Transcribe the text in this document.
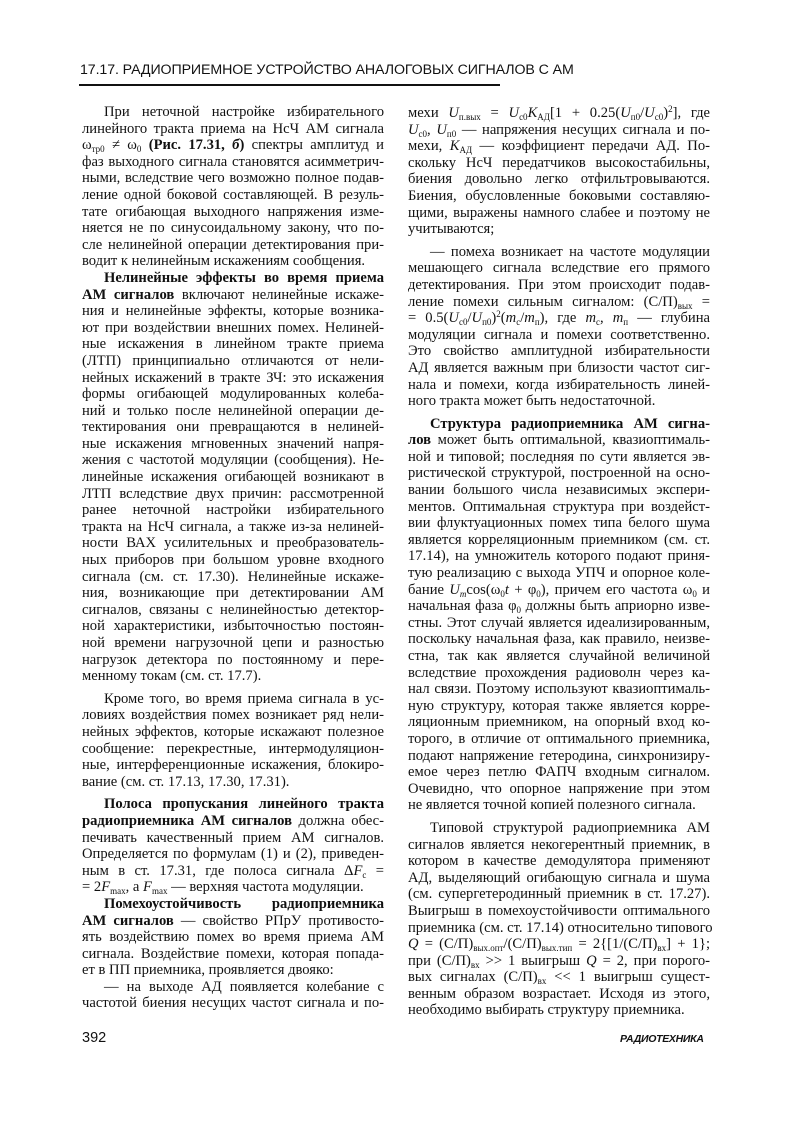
17.17. РАДИОПРИЕМНОЕ УСТРОЙСТВО АНАЛОГОВЫХ СИГНАЛОВ С АМ
При неточной настройке избирательного
линейного тракта приема на НсЧ АМ сигнала
$\omega_{тр0} \ne \omega_0$ (Рис. 17.31, б) спектры амплитуд и
фаз выходного сигнала становятся асимметрич-
ными, вследствие чего возможно полное подав-
ление одной боковой составляющей. В резуль-
тате огибающая выходного напряжения изме-
няется не по синусоидальному закону, что по-
сле нелинейной операции детектирования при-
водит к нелинейным искажениям сообщения.
Нелинейные эффекты во время приема
АМ сигналов включают нелинейные искаже-
ния и нелинейные эффекты, которые возника-
ют при воздействии внешних помех. Нелиней-
ные искажения в линейном тракте приема
(ЛТП) принципиально отличаются от нели-
нейных искажений в тракте ЗЧ: это искажения
формы огибающей модулированных колеба-
ний и только после нелинейной операции де-
тектирования они превращаются в нелиней-
ные искажения мгновенных значений напря-
жения с частотой модуляции (сообщения). Не-
линейные искажения огибающей возникают в
ЛТП вследствие двух причин: рассмотренной
ранее неточной настройки избирательного
тракта на НсЧ сигнала, а также из-за нелиней-
ности ВАХ усилительных и преобразователь-
ных приборов при большом уровне входного
сигнала (см. ст. 17.30). Нелинейные искаже-
ния, возникающие при детектировании АМ
сигналов, связаны с нелинейностью детектор-
ной характеристики, избыточностью постоян-
ной времени нагрузочной цепи и разностью
нагрузок детектора по постоянному и пере-
менному токам (см. ст. 17.7).
Кроме того, во время приема сигнала в ус-
ловиях воздействия помех возникает ряд нели-
нейных эффектов, которые искажают полезное
сообщение: перекрестные, интермодуляцион-
ные, интерференционные искажения, блокиро-
вание (см. ст. 17.13, 17.30, 17.31).
Полоса пропускания линейного тракта
радиоприемника АМ сигналов должна обес-
печивать качественный прием АМ сигналов.
Определяется по формулам (1) и (2), приведен-
ным в ст. 17.31, где полоса сигнала $\Delta F_c$ =
= $2F_{max}$, а $F_{max}$ — верхняя частота модуляции.
Помехоустойчивость радиоприемника
АМ сигналов — свойство РПрУ противосто-
ять воздействию помех во время приема АМ
сигнала. Воздействие помехи, которая попада-
ет в ПП приемника, проявляется двояко:
— на выходе АД появляется колебание с
частотой биения несущих частот сигнала и по-
мехи $U_{п.вых} = U_{c0}K_{АД}[1 + 0.25(U_{п0}/U_{c0})^2]$, где
$U_{c0}$, $U_{п0}$ — напряжения несущих сигнала и по-
мехи, $K_{АД}$ — коэффициент передачи АД. По-
скольку НсЧ передатчиков высокостабильны,
биения довольно легко отфильтровываются.
Биения, обусловленные боковыми составляю-
щими, выражены намного слабее и поэтому не
учитываются;
— помеха возникает на частоте модуляции
мешающего сигнала вследствие его прямого
детектирования. При этом происходит подав-
ление помехи сильным сигналом: $(С/П)_{вых}$ =
= $0.5(U_{c0}/U_{п0})^2(m_c/m_п)$, где $m_c$, $m_п$ — глубина
модуляции сигнала и помехи соответственно.
Это свойство амплитудной избирательности
АД является важным при близости частот сиг-
нала и помехи, когда избирательность линей-
ного тракта может быть недостаточной.
Структура радиоприемника АМ сигна-
лов может быть оптимальной, квазиоптималь-
ной и типовой; последняя по сути является эв-
ристической структурой, построенной на осно-
вании большого числа независимых экспери-
ментов. Оптимальная структура при воздейст-
вии флуктуационных помех типа белого шума
является корреляционным приемником (см. ст.
17.14), на умножитель которого подают приня-
тую реализацию с выхода УПЧ и опорное коле-
бание $U_m\cos(\omega_0t + \varphi_0)$, причем его частота $\omega_0$ и
начальная фаза $\varphi_0$ должны быть априорно изве-
стны. Этот случай является идеализированным,
поскольку начальная фаза, как правило, неизве-
стна, так как является случайной величиной
вследствие прохождения радиоволн через ка-
нал связи. Поэтому используют квазиоптималь-
ную структуру, которая также является корре-
ляционным приемником, на опорный вход ко-
торого, в отличие от оптимального приемника,
подают напряжение гетеродина, синхронизиру-
емое через петлю ФАПЧ входным сигналом.
Очевидно, что опорное напряжение при этом
не является точной копией полезного сигнала.
Типовой структурой радиоприемника АМ
сигналов является некогерентный приемник, в
котором в качестве демодулятора применяют
АД, выделяющий огибающую сигнала и шума
(см. супергетеродинный приемник в ст. 17.27).
Выигрыш в помехоустойчивости оптимального
приемника (см. ст. 17.14) относительно типового
$Q = (С/П)_{вых.опт}/(С/П)_{вых.тип} = 2\{[1/(С/П)_{вх}] + 1\}$;
при $(С/П)_{вх} >> 1$ выигрыш Q = 2, при порого-
вых сигналах $(С/П)_{вх} << 1$ выигрыш сущест-
венным образом возрастает. Исходя из этого,
необходимо выбирать структуру приемника.
392	РАДИОТЕХНИКА
